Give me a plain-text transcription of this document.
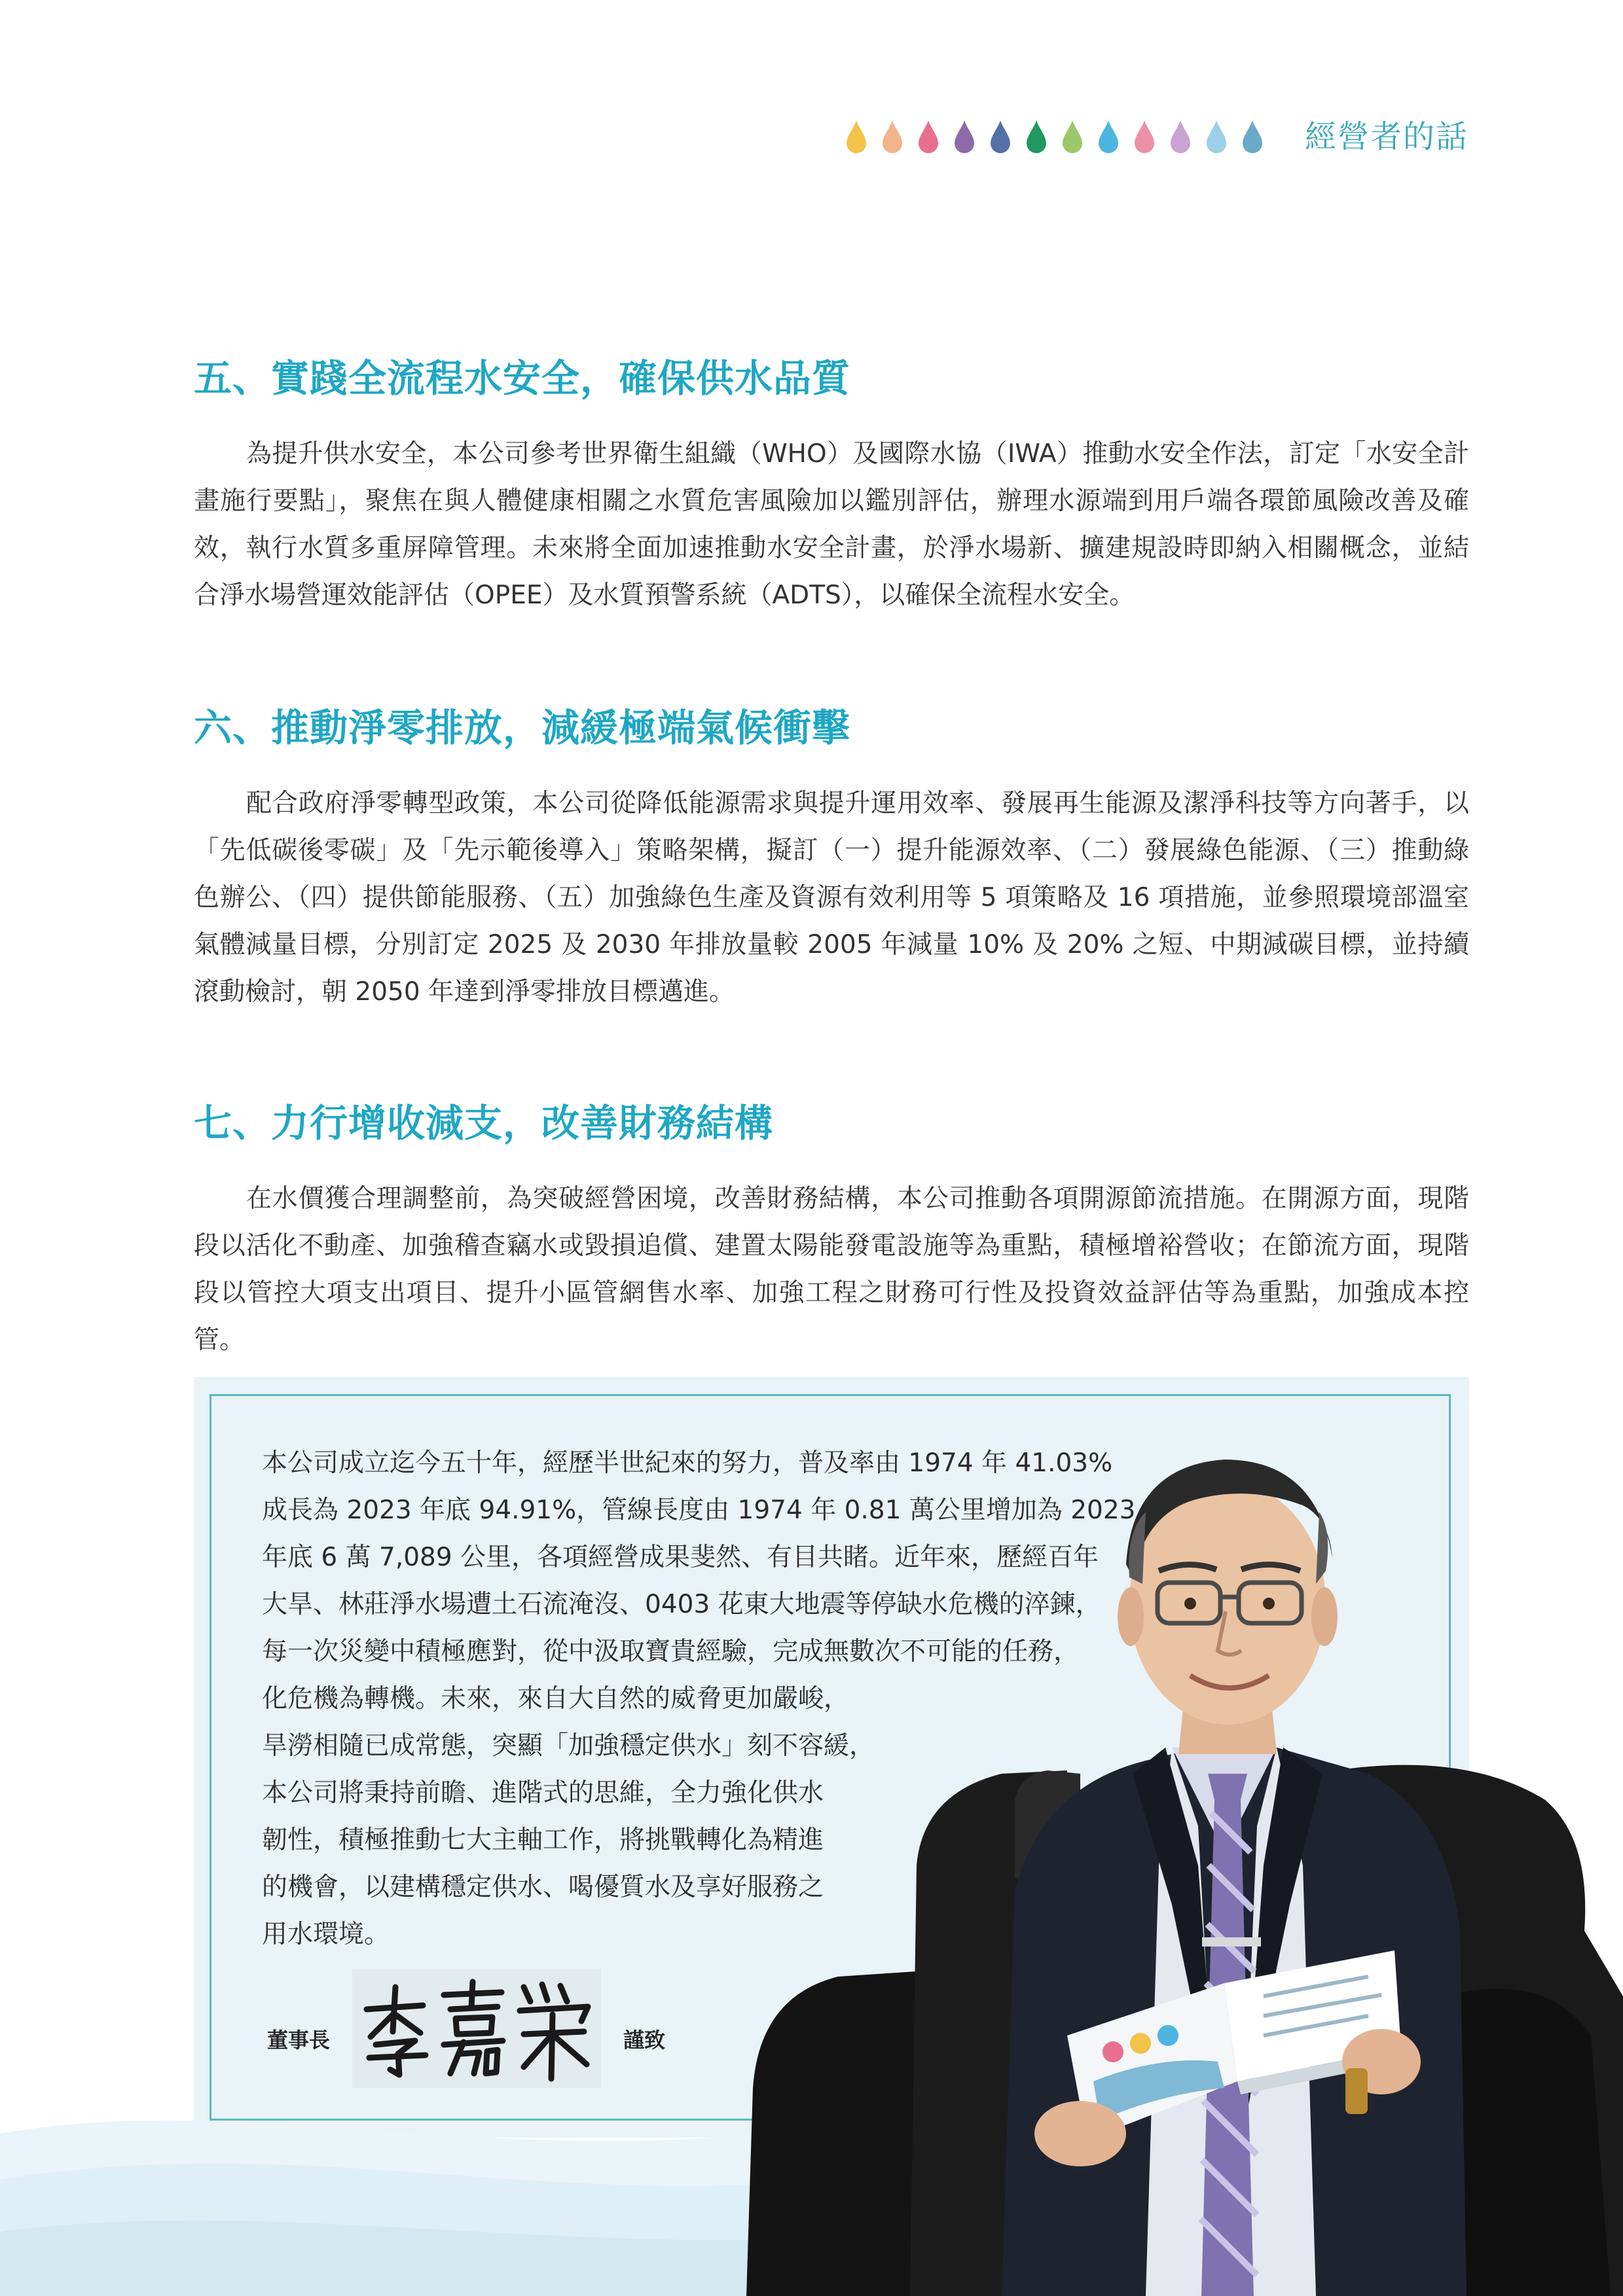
經營者的話
五、實踐全流程水安全，確保供水品質

為提升供水安全，本公司參考世界衛生組織（WHO）及國際水協（IWA）推動水安全作法，訂定「水安全計畫施行要點」，聚焦在與人體健康相關之水質危害風險加以鑑別評估，辦理水源端到用戶端各環節風險改善及確效，執行水質多重屏障管理。未來將全面加速推動水安全計畫，於淨水場新、擴建規設時即納入相關概念，並結合淨水場營運效能評估（OPEE）及水質預警系統（ADTS），以確保全流程水安全。

六、推動淨零排放，減緩極端氣候衝擊

配合政府淨零轉型政策，本公司從降低能源需求與提升運用效率、發展再生能源及潔淨科技等方向著手，以「先低碳後零碳」及「先示範後導入」策略架構，擬訂（一）提升能源效率、（二）發展綠色能源、（三）推動綠色辦公、（四）提供節能服務、（五）加強綠色生產及資源有效利用等 5 項策略及 16 項措施，並參照環境部溫室氣體減量目標，分別訂定 2025 及 2030 年排放量較 2005 年減量 10% 及 20% 之短、中期減碳目標，並持續滾動檢討，朝 2050 年達到淨零排放目標邁進。

七、力行增收減支，改善財務結構

在水價獲合理調整前，為突破經營困境，改善財務結構，本公司推動各項開源節流措施。在開源方面，現階段以活化不動產、加強稽查竊水或毀損追償、建置太陽能發電設施等為重點，積極增裕營收；在節流方面，現階段以管控大項支出項目、提升小區管網售水率、加強工程之財務可行性及投資效益評估等為重點，加強成本控管。

本公司成立迄今五十年，經歷半世紀來的努力，普及率由 1974 年 41.03%
成長為 2023 年底 94.91%，管線長度由 1974 年 0.81 萬公里增加為 2023
年底 6 萬 7,089 公里，各項經營成果斐然、有目共睹。近年來，歷經百年
大旱、林莊淨水場遭土石流淹沒、0403 花東大地震等停缺水危機的淬鍊，
每一次災變中積極應對，從中汲取寶貴經驗，完成無數次不可能的任務，
化危機為轉機。未來，來自大自然的威脅更加嚴峻，
旱澇相隨已成常態，突顯「加強穩定供水」刻不容緩，
本公司將秉持前瞻、進階式的思維，全力強化供水
韌性，積極推動七大主軸工作，將挑戰轉化為精進
的機會，以建構穩定供水、喝優質水及享好服務之
用水環境。
董事長	謹致
